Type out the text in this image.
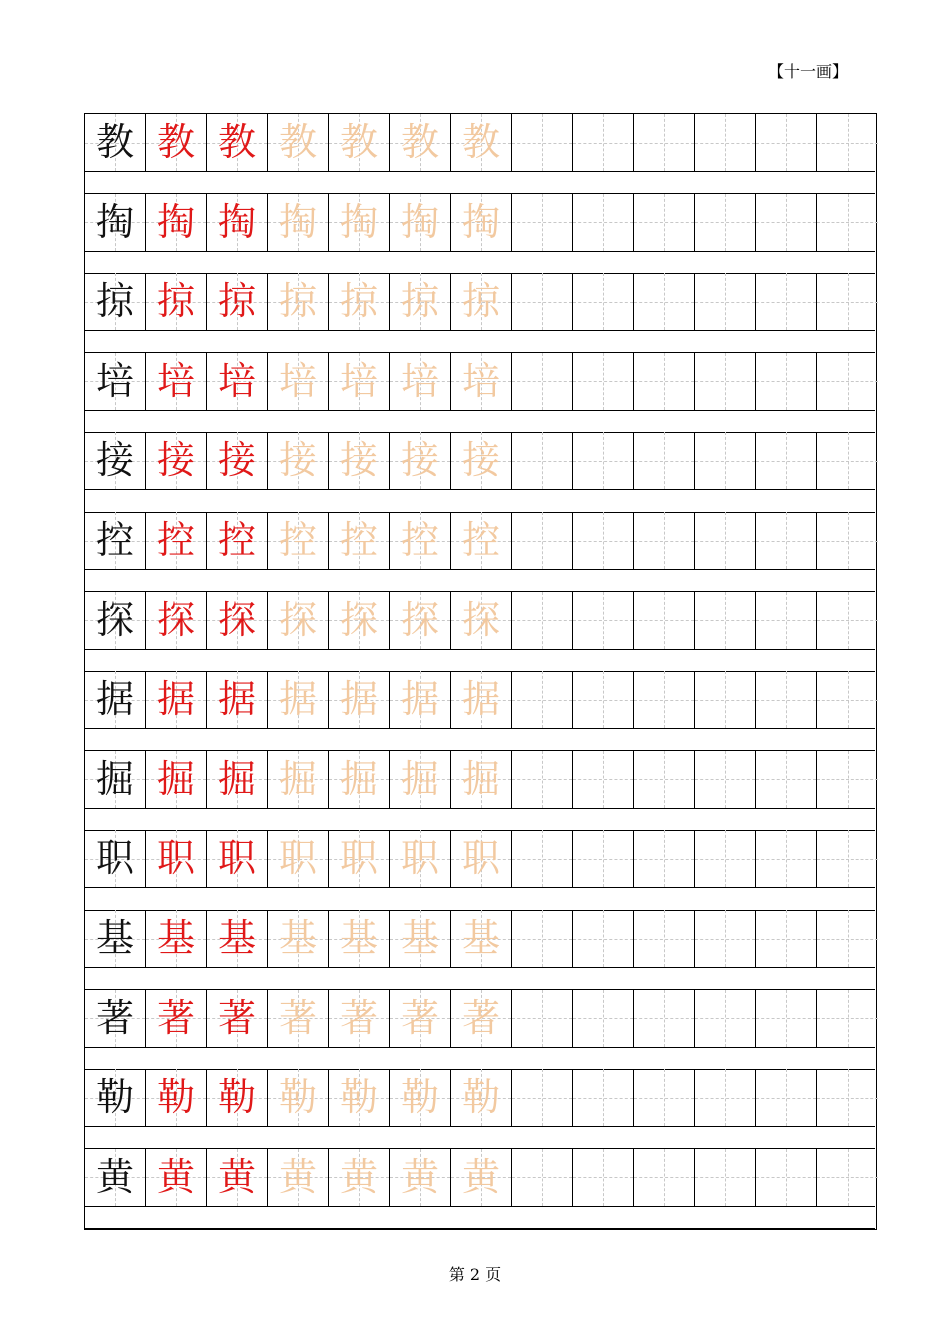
【十一画】
教 教 教 教 教 教 教
掏 掏 掏 掏 掏 掏 掏
掠 掠 掠 掠 掠 掠 掠
培 培 培 培 培 培 培
接 接 接 接 接 接 接
控 控 控 控 控 控 控
探 探 探 探 探 探 探
据 据 据 据 据 据 据
掘 掘 掘 掘 掘 掘 掘
职 职 职 职 职 职 职
基 基 基 基 基 基 基
著 著 著 著 著 著 著
勒 勒 勒 勒 勒 勒 勒
黄 黄 黄 黄 黄 黄 黄
第 2 页
